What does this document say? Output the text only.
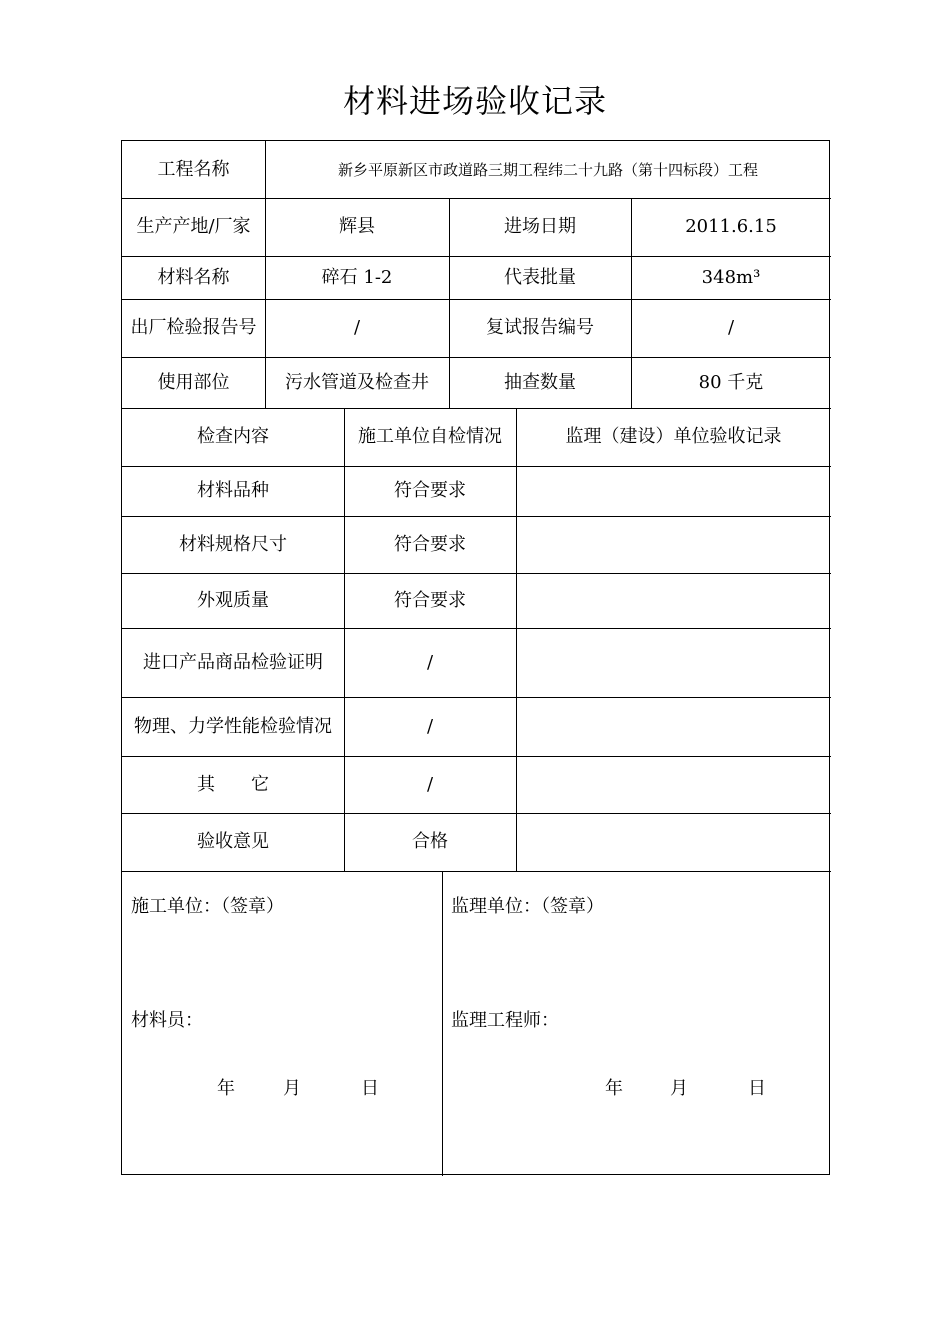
材料进场验收记录
工程名称	新乡平原新区市政道路三期工程纬二十九路（第十四标段）工程
生产产地/厂家	辉县	进场日期	2011.6.15
材料名称	碎石 1-2	代表批量	348m³
出厂检验报告号	/	复试报告编号	/
使用部位	污水管道及检查井	抽查数量	80 千克
检查内容	施工单位自检情况	监理（建设）单位验收记录
材料品种	符合要求
材料规格尺寸	符合要求
外观质量	符合要求
进口产品商品检验证明	/
物理、力学性能检验情况	/
其　　它	/
验收意见	合格
施工单位：（签章）	监理单位：（签章）
材料员：	监理工程师：
年	月	日	年	月	日
